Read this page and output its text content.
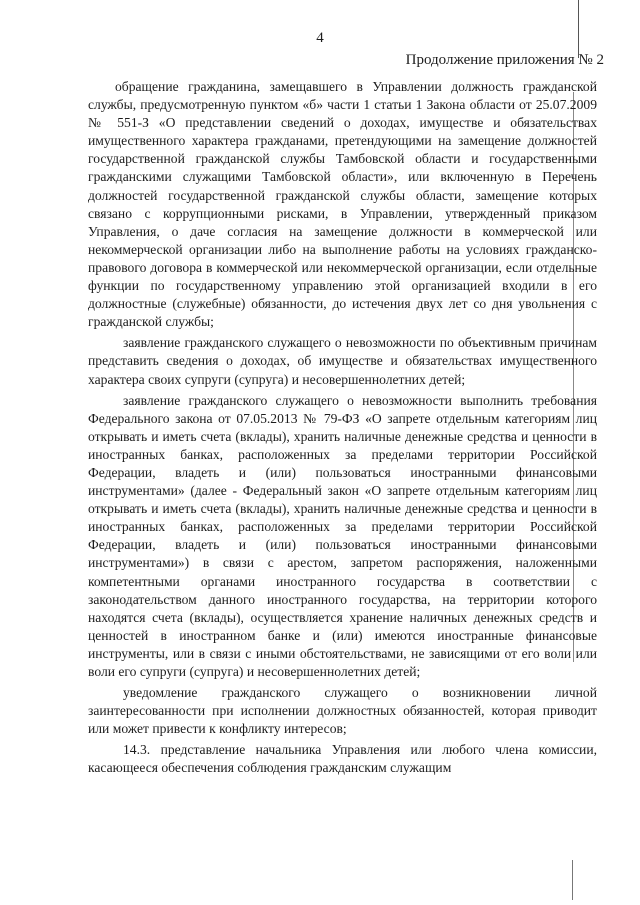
4
Продолжение приложения № 2

обращение гражданина, замещавшего в Управлении должность гражданской службы, предусмотренную пунктом «б» части 1 статьи 1 Закона области от 25.07.2009 № 551-З «О представлении сведений о доходах, имуществе и обязательствах имущественного характера гражданами, претендующими на замещение должностей государственной гражданской службы Тамбовской области и государственными гражданскими служащими Тамбовской области», или включенную в Перечень должностей государственной гражданской службы области, замещение которых связано с коррупционными рисками, в Управлении, утвержденный приказом Управления, о даче согласия на замещение должности в коммерческой или некоммерческой организации либо на выполнение работы на условиях гражданско-правового договора в коммерческой или некоммерческой организации, если отдельные функции по государственному управлению этой организацией входили в его должностные (служебные) обязанности, до истечения двух лет со дня увольнения с гражданской службы;

заявление гражданского служащего о невозможности по объективным причинам представить сведения о доходах, об имуществе и обязательствах имущественного характера своих супруги (супруга) и несовершеннолетних детей;

заявление гражданского служащего о невозможности выполнить требования Федерального закона от 07.05.2013 № 79-ФЗ «О запрете отдельным категориям лиц открывать и иметь счета (вклады), хранить наличные денежные средства и ценности в иностранных банках, расположенных за пределами территории Российской Федерации, владеть и (или) пользоваться иностранными финансовыми инструментами» (далее - Федеральный закон «О запрете отдельным категориям лиц открывать и иметь счета (вклады), хранить наличные денежные средства и ценности в иностранных банках, расположенных за пределами территории Российской Федерации, владеть и (или) пользоваться иностранными финансовыми инструментами») в связи с арестом, запретом распоряжения, наложенными компетентными органами иностранного государства в соответствии с законодательством данного иностранного государства, на территории которого находятся счета (вклады), осуществляется хранение наличных денежных средств и ценностей в иностранном банке и (или) имеются иностранные финансовые инструменты, или в связи с иными обстоятельствами, не зависящими от его воли или воли его супруги (супруга) и несовершеннолетних детей;

уведомление гражданского служащего о возникновении личной заинтересованности при исполнении должностных обязанностей, которая приводит или может привести к конфликту интересов;

14.3. представление начальника Управления или любого члена комиссии, касающееся обеспечения соблюдения гражданским служащим
